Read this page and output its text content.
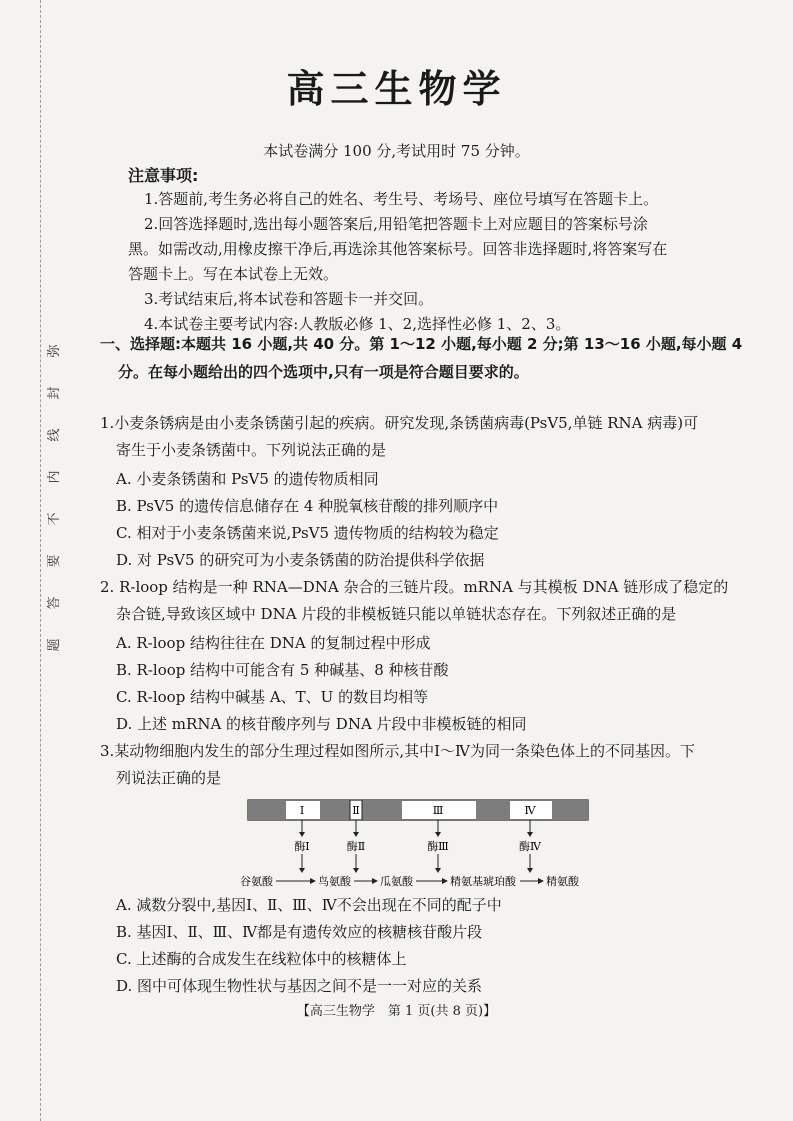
弥
封
线
内
不
要
答
题
高三生物学
本试卷满分 100 分,考试用时 75 分钟。
注意事项:
1.答题前,考生务必将自己的姓名、考生号、考场号、座位号填写在答题卡上。
2.回答选择题时,选出每小题答案后,用铅笔把答题卡上对应题目的答案标号涂
黑。如需改动,用橡皮擦干净后,再选涂其他答案标号。回答非选择题时,将答案写在
答题卡上。写在本试卷上无效。
3.考试结束后,将本试卷和答题卡一并交回。
4.本试卷主要考试内容:人教版必修 1、2,选择性必修 1、2、3。
一、选择题:本题共 16 小题,共 40 分。第 1～12 小题,每小题 2 分;第 13～16 小题,每小题 4
分。在每小题给出的四个选项中,只有一项是符合题目要求的。
1.小麦条锈病是由小麦条锈菌引起的疾病。研究发现,条锈菌病毒(PsV5,单链 RNA 病毒)可
寄生于小麦条锈菌中。下列说法正确的是
A. 小麦条锈菌和 PsV5 的遗传物质相同
B. PsV5 的遗传信息储存在 4 种脱氧核苷酸的排列顺序中
C. 相对于小麦条锈菌来说,PsV5 遗传物质的结构较为稳定
D. 对 PsV5 的研究可为小麦条锈菌的防治提供科学依据
2. R-loop 结构是一种 RNA—DNA 杂合的三链片段。mRNA 与其模板 DNA 链形成了稳定的
杂合链,导致该区域中 DNA 片段的非模板链只能以单链状态存在。下列叙述正确的是
A. R-loop 结构往往在 DNA 的复制过程中形成
B. R-loop 结构中可能含有 5 种碱基、8 种核苷酸
C. R-loop 结构中碱基 A、T、U 的数目均相等
D. 上述 mRNA 的核苷酸序列与 DNA 片段中非模板链的相同
3.某动物细胞内发生的部分生理过程如图所示,其中Ⅰ～Ⅳ为同一条染色体上的不同基因。下
列说法正确的是
Ⅰ	Ⅱ	Ⅲ	Ⅳ
酶Ⅰ	酶Ⅱ	酶Ⅲ	酶Ⅳ
谷氨酸	鸟氨酸	瓜氨酸	精氨基琥珀酸	精氨酸
A. 减数分裂中,基因Ⅰ、Ⅱ、Ⅲ、Ⅳ不会出现在不同的配子中
B. 基因Ⅰ、Ⅱ、Ⅲ、Ⅳ都是有遗传效应的核糖核苷酸片段
C. 上述酶的合成发生在线粒体中的核糖体上
D. 图中可体现生物性状与基因之间不是一一对应的关系
【高三生物学　第 1 页(共 8 页)】
